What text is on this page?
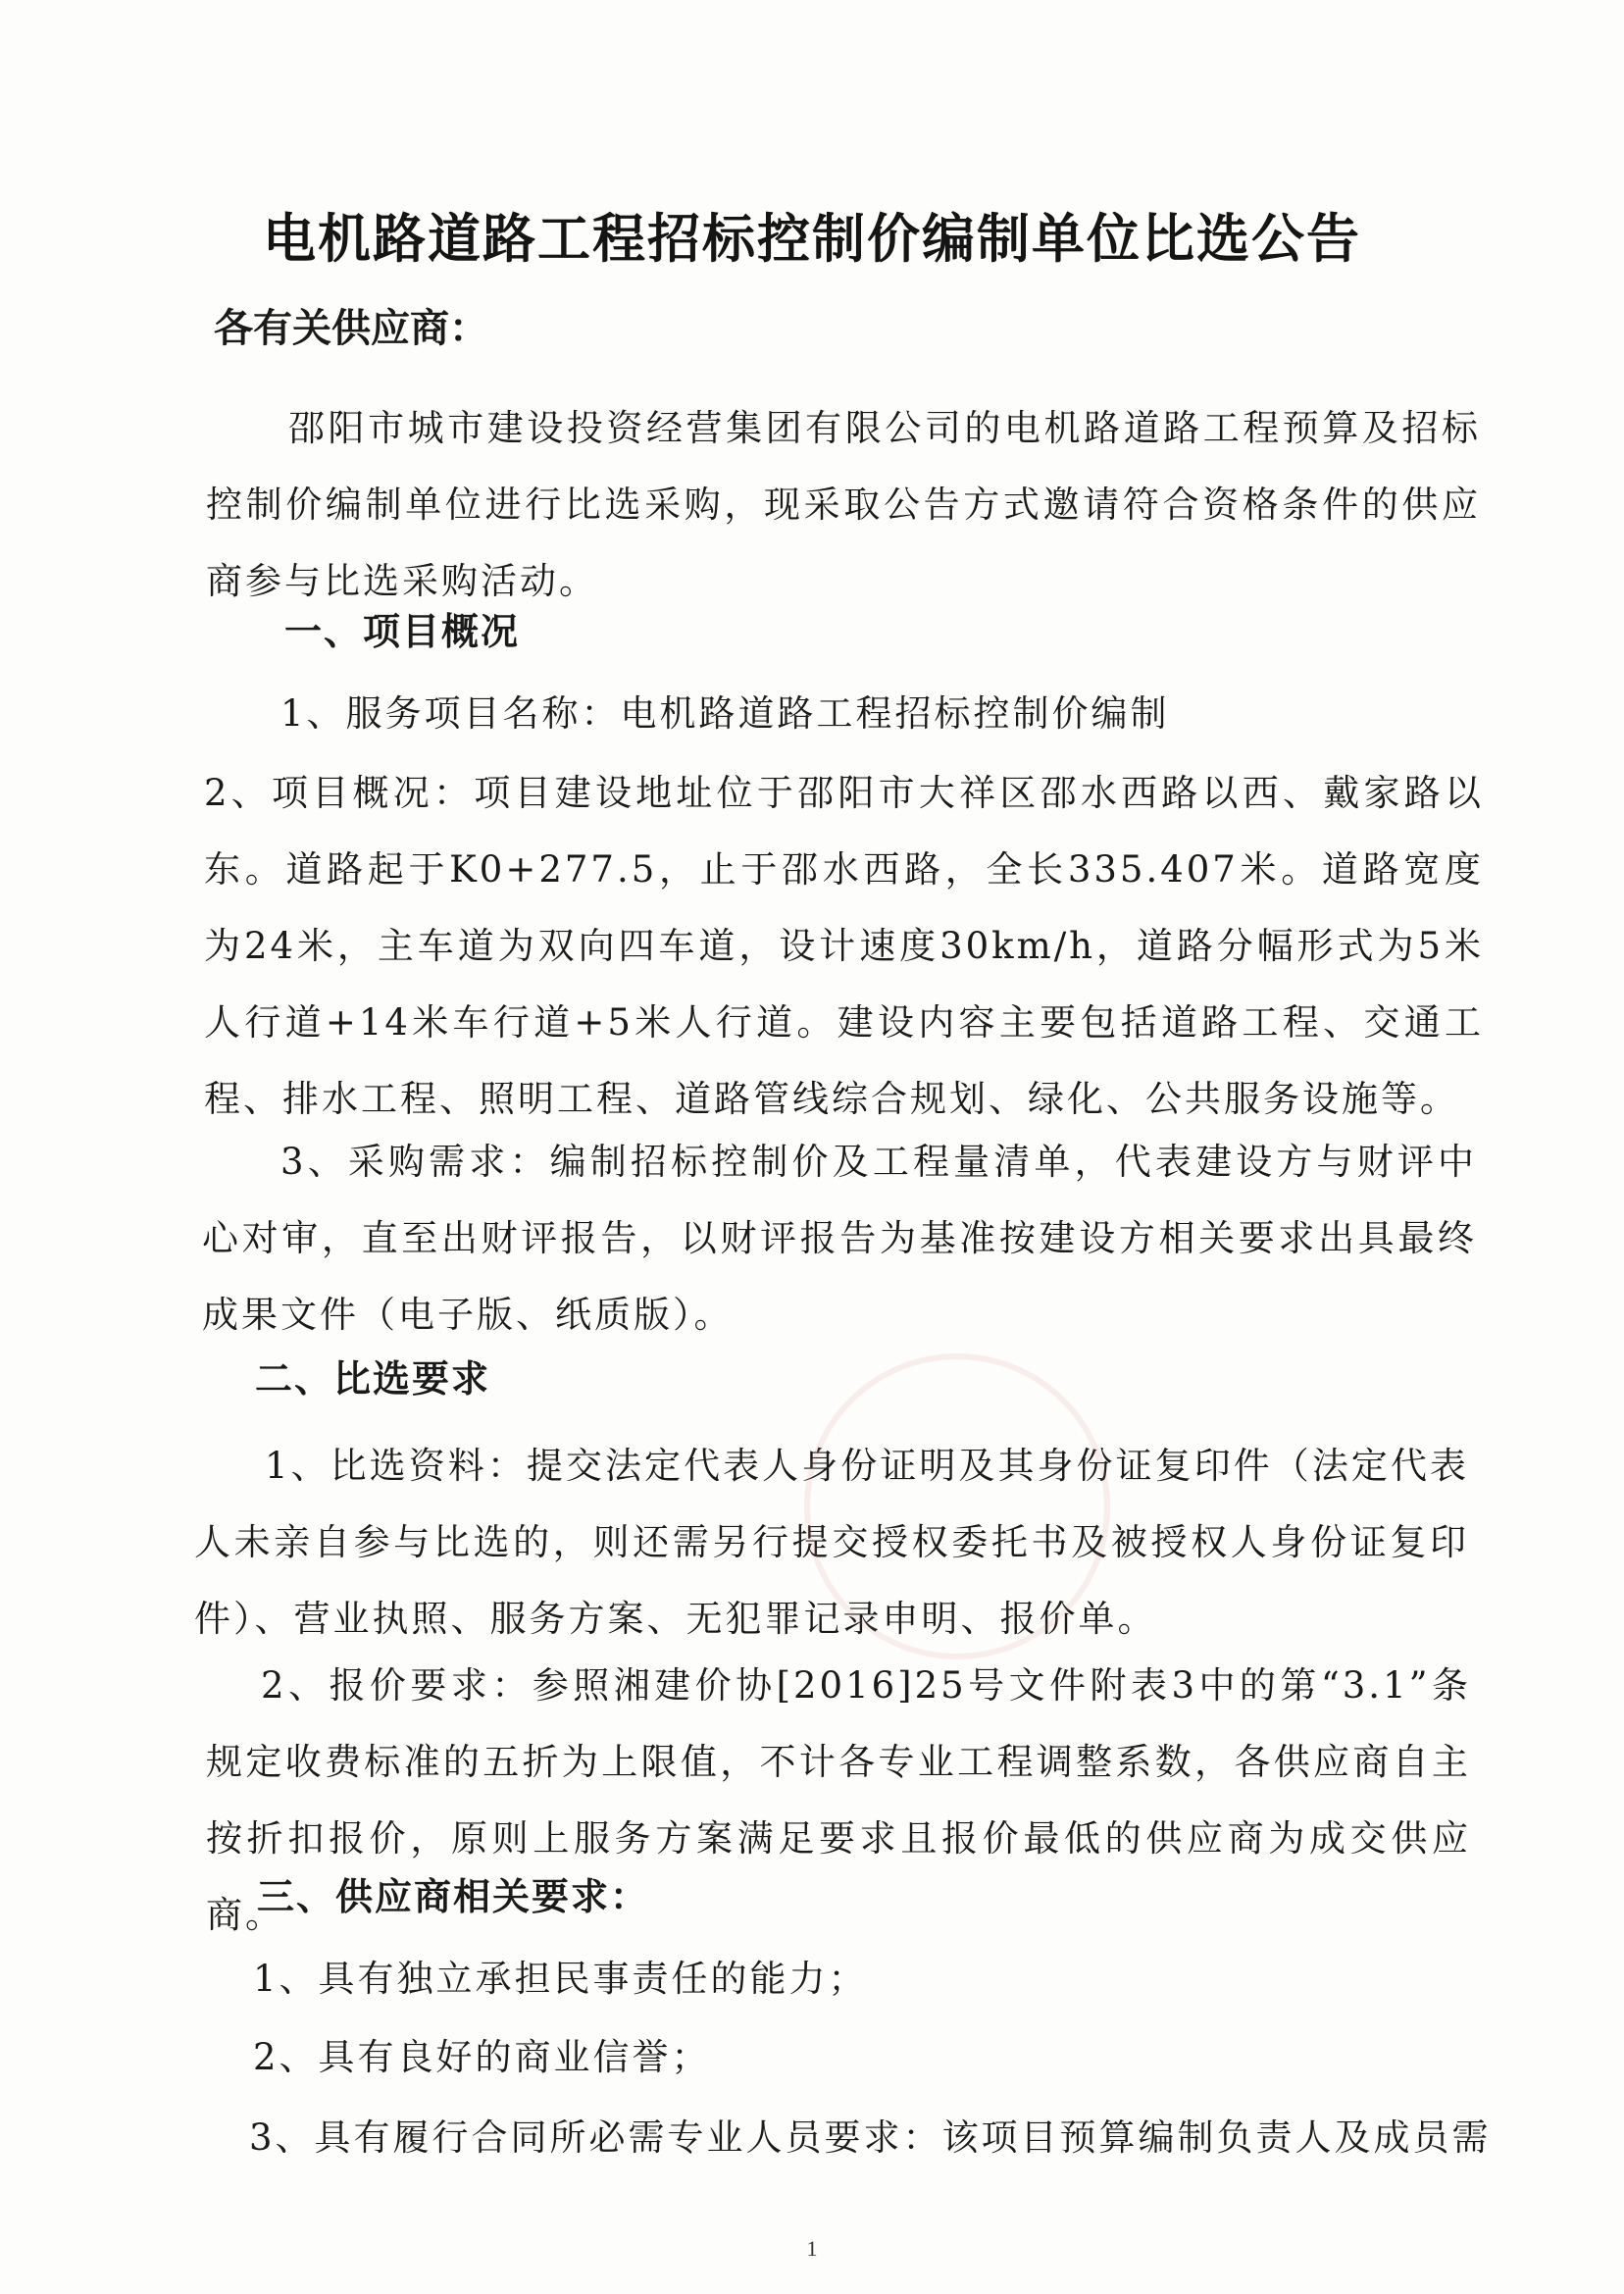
电机路道路工程招标控制价编制单位比选公告
各有关供应商：
邵阳市城市建设投资经营集团有限公司的电机路道路工程预算及招标控制价编制单位进行比选采购，现采取公告方式邀请符合资格条件的供应商参与比选采购活动。
一、项目概况
1、服务项目名称：电机路道路工程招标控制价编制
2、项目概况：项目建设地址位于邵阳市大祥区邵水西路以西、戴家路以东。道路起于K0+277.5，止于邵水西路，全长335.407米。道路宽度为24米，主车道为双向四车道，设计速度30km/h，道路分幅形式为5米人行道+14米车行道+5米人行道。建设内容主要包括道路工程、交通工程、排水工程、照明工程、道路管线综合规划、绿化、公共服务设施等。
3、采购需求：编制招标控制价及工程量清单，代表建设方与财评中心对审，直至出财评报告，以财评报告为基准按建设方相关要求出具最终成果文件（电子版、纸质版）。
二、比选要求
1、比选资料：提交法定代表人身份证明及其身份证复印件（法定代表人未亲自参与比选的，则还需另行提交授权委托书及被授权人身份证复印件）、营业执照、服务方案、无犯罪记录申明、报价单。
2、报价要求：参照湘建价协[2016]25号文件附表3中的第“3.1”条规定收费标准的五折为上限值，不计各专业工程调整系数，各供应商自主按折扣报价，原则上服务方案满足要求且报价最低的供应商为成交供应商。
三、供应商相关要求：
1、具有独立承担民事责任的能力；
2、具有良好的商业信誉；
3、具有履行合同所必需专业人员要求：该项目预算编制负责人及成员需
1
